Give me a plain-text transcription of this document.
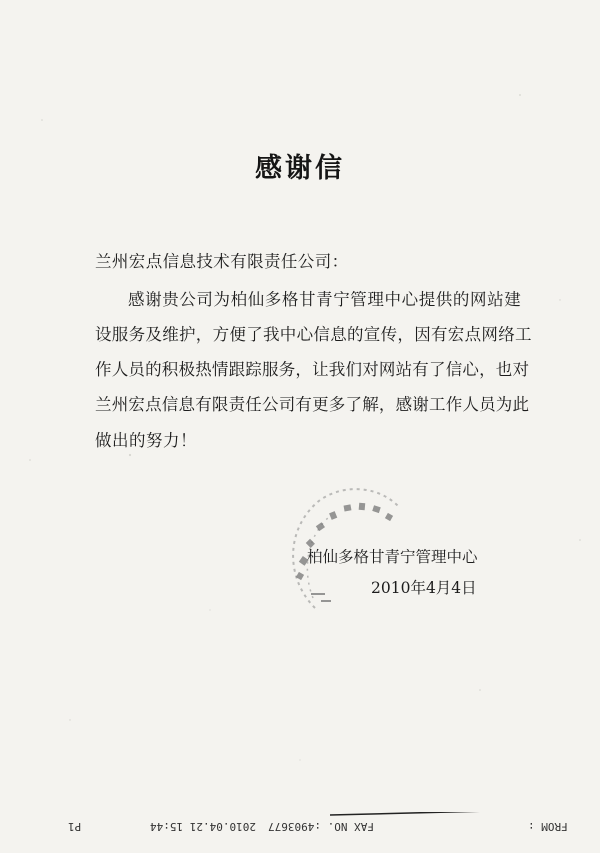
感谢信
兰州宏点信息技术有限责任公司：
感谢贵公司为柏仙多格甘青宁管理中心提供的网站建
设服务及维护，方便了我中心信息的宣传，因有宏点网络工
作人员的积极热情跟踪服务，让我们对网站有了信心，也对
兰州宏点信息有限责任公司有更多了解，感谢工作人员为此
做出的努力！
柏仙多格甘青宁管理中心
2010年4月4日
FROM :
FAX NO. :4903677
2010.04.21 15:44
P1
